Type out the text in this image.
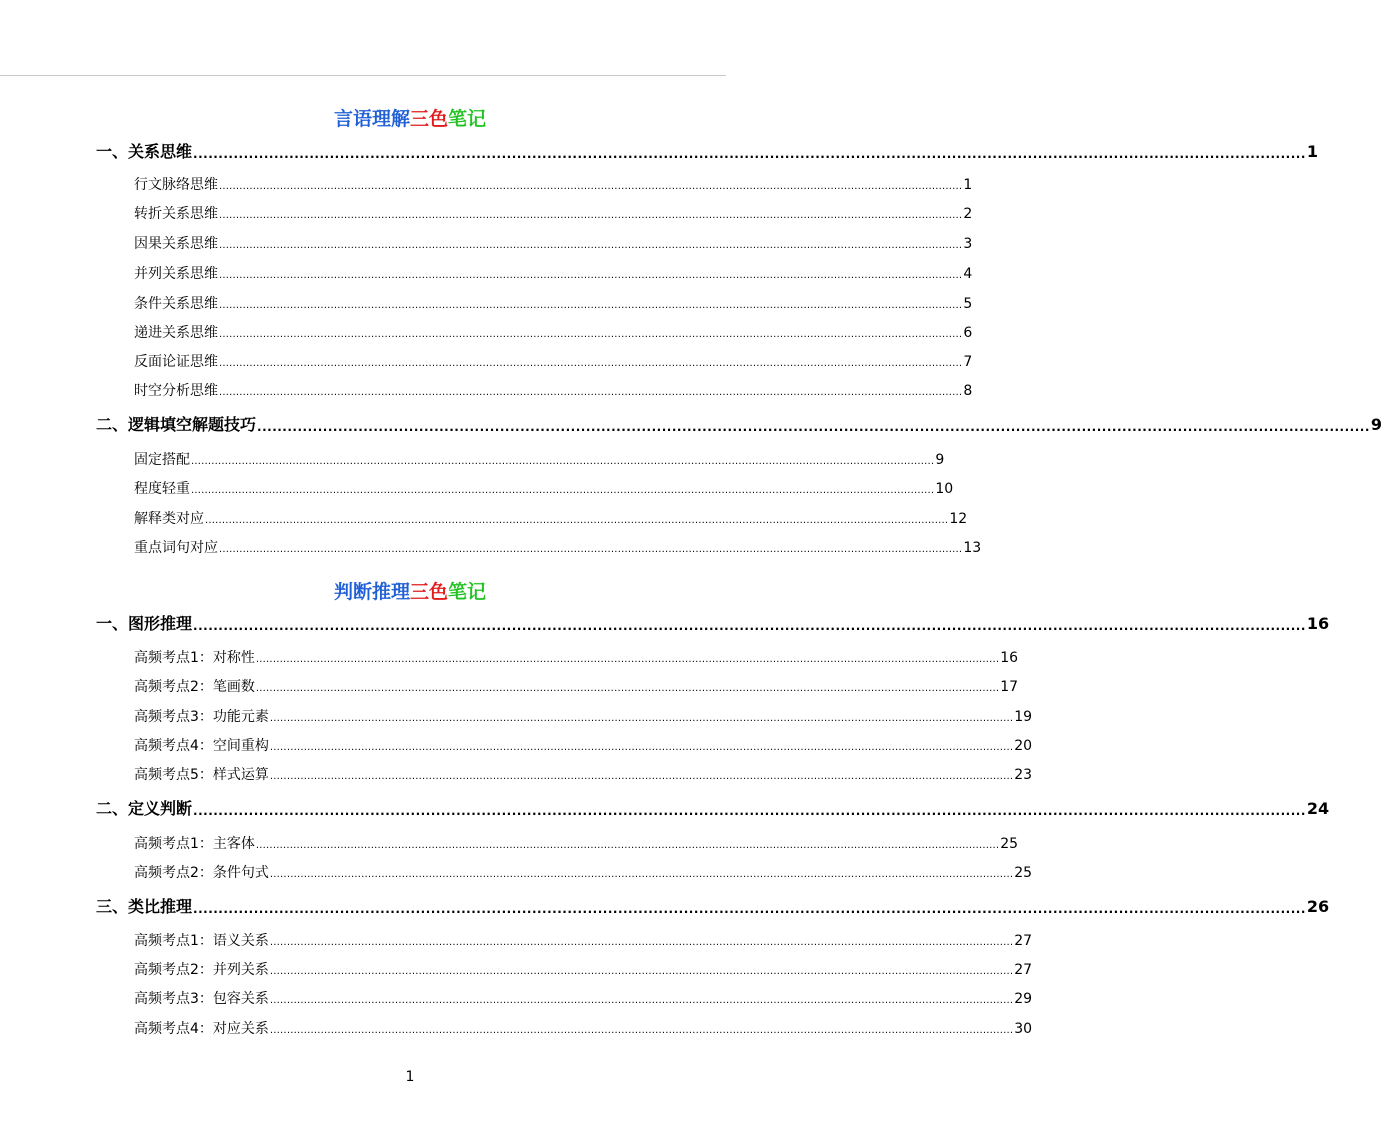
言语理解三色笔记
一、关系思维 ............................................................................................................................................................................................................................ 1
行文脉络思维 ............................................................................................................................................................................................................................ 1
转折关系思维 ............................................................................................................................................................................................................................ 2
因果关系思维 ............................................................................................................................................................................................................................ 3
并列关系思维 ............................................................................................................................................................................................................................ 4
条件关系思维 ............................................................................................................................................................................................................................ 5
递进关系思维 ............................................................................................................................................................................................................................ 6
反面论证思维 ............................................................................................................................................................................................................................ 7
时空分析思维 ............................................................................................................................................................................................................................ 8
二、逻辑填空解题技巧 ............................................................................................................................................................................................................................ 9
固定搭配 ............................................................................................................................................................................................................................ 9
程度轻重 ............................................................................................................................................................................................................................ 10
解释类对应 ............................................................................................................................................................................................................................ 12
重点词句对应 ............................................................................................................................................................................................................................ 13
判断推理三色笔记
一、图形推理 ............................................................................................................................................................................................................................ 16
高频考点1：对称性 ............................................................................................................................................................................................................................ 16
高频考点2：笔画数 ............................................................................................................................................................................................................................ 17
高频考点3：功能元素 ............................................................................................................................................................................................................................ 19
高频考点4：空间重构 ............................................................................................................................................................................................................................ 20
高频考点5：样式运算 ............................................................................................................................................................................................................................ 23
二、定义判断 ............................................................................................................................................................................................................................ 24
高频考点1：主客体 ............................................................................................................................................................................................................................ 25
高频考点2：条件句式 ............................................................................................................................................................................................................................ 25
三、类比推理 ............................................................................................................................................................................................................................ 26
高频考点1：语义关系 ............................................................................................................................................................................................................................ 27
高频考点2：并列关系 ............................................................................................................................................................................................................................ 27
高频考点3：包容关系 ............................................................................................................................................................................................................................ 29
高频考点4：对应关系 ............................................................................................................................................................................................................................ 30
1
